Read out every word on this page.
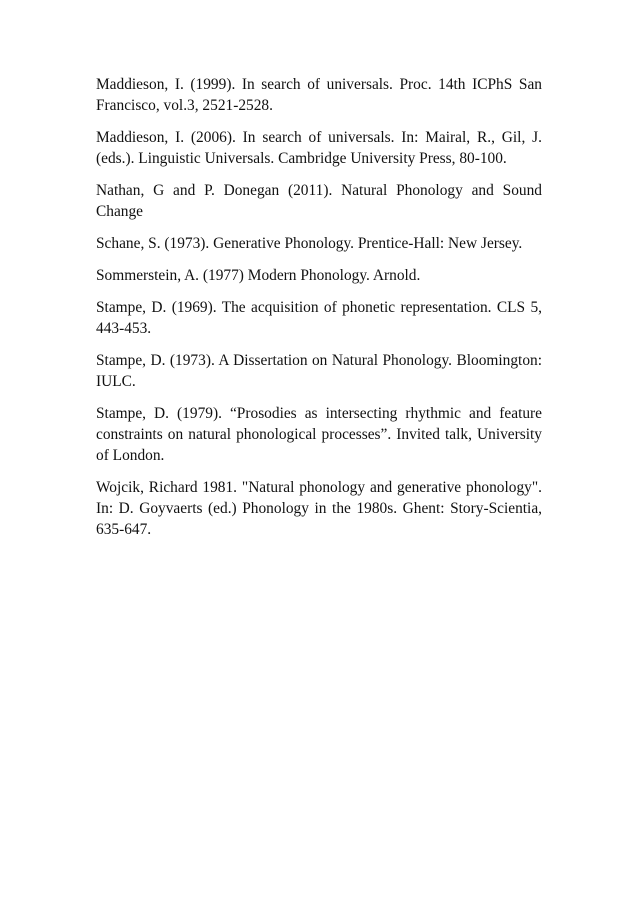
Maddieson, I. (1999). In search of universals. Proc. 14th ICPhS San Francisco, vol.3, 2521-2528.
Maddieson, I. (2006). In search of universals. In: Mairal, R., Gil, J. (eds.). Linguistic Universals. Cambridge University Press, 80-100.
Nathan, G and P. Donegan (2011). Natural Phonology and Sound Change
Schane, S. (1973). Generative Phonology. Prentice-Hall: New Jersey.
Sommerstein, A. (1977) Modern Phonology. Arnold.
Stampe, D. (1969). The acquisition of phonetic representation. CLS 5, 443-453.
Stampe, D. (1973). A Dissertation on Natural Phonology. Bloomington: IULC.
Stampe, D. (1979). “Prosodies as intersecting rhythmic and feature constraints on natural phonological processes”. Invited talk, University of London.
Wojcik, Richard 1981. "Natural phonology and generative phonology". In: D. Goyvaerts (ed.) Phonology in the 1980s. Ghent: Story-Scientia, 635-647.
